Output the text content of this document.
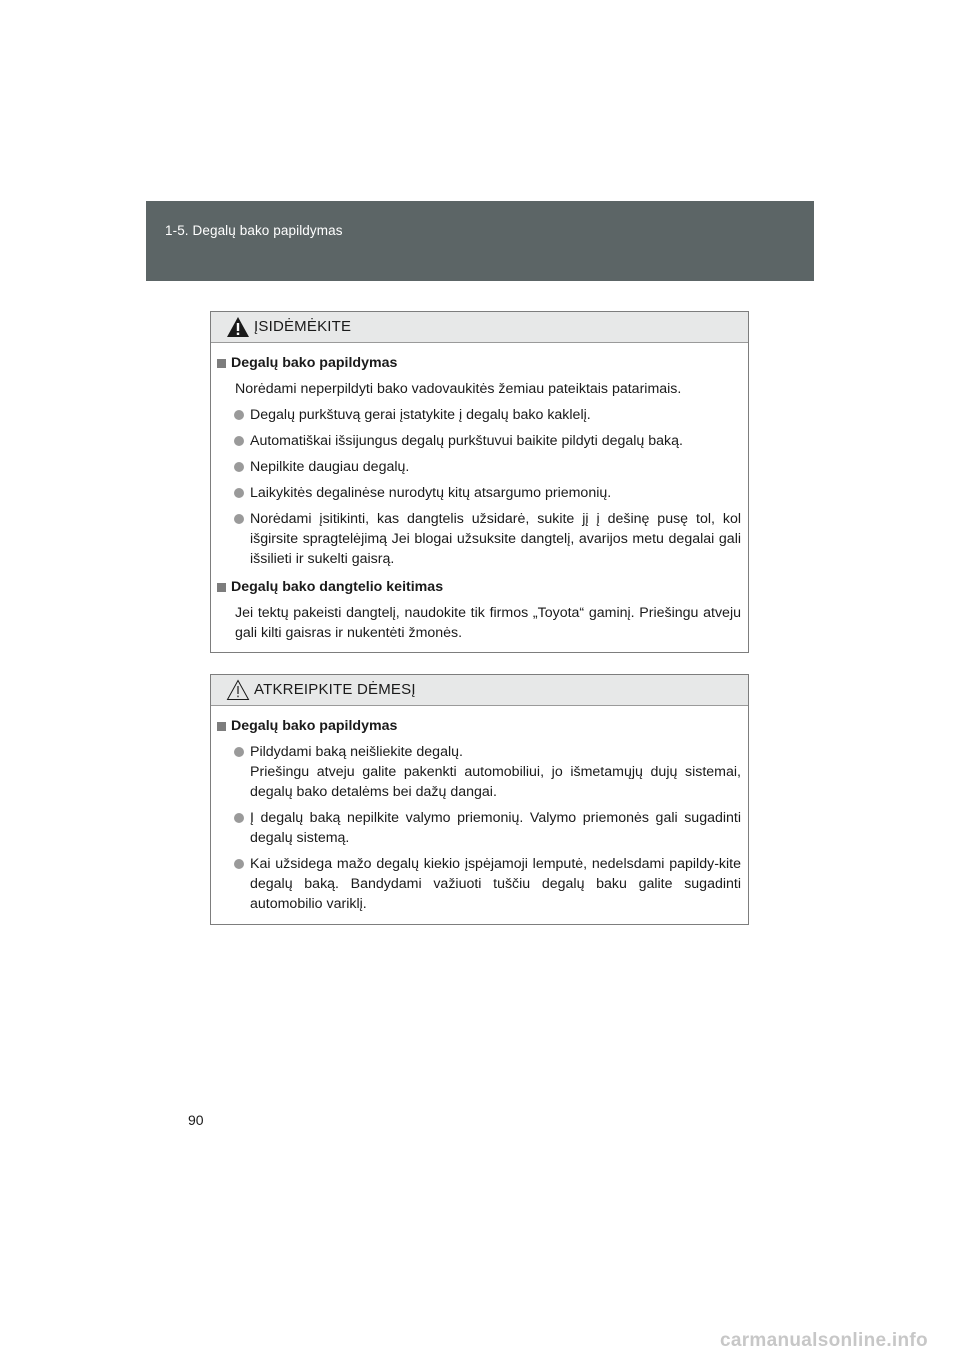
1-5. Degalų bako papildymas
ĮSIDĖMĖKITE
Degalų bako papildymas
Norėdami neperpildyti bako vadovaukitės žemiau pateiktais patarimais.
Degalų purkštuvą gerai įstatykite į degalų bako kaklelį.
Automatiškai išsijungus degalų purkštuvui baikite pildyti degalų baką.
Nepilkite daugiau degalų.
Laikykitės degalinėse nurodytų kitų atsargumo priemonių.
Norėdami įsitikinti, kas dangtelis užsidarė, sukite jį į dešinę pusę tol, kol išgirsite spragtelėjimą Jei blogai užsuksite dangtelį, avarijos metu degalai gali išsilieti ir sukelti gaisrą.
Degalų bako dangtelio keitimas
Jei tektų pakeisti dangtelį, naudokite tik firmos „Toyota“ gaminį. Priešingu atveju gali kilti gaisras ir nukentėti žmonės.
ATKREIPKITE DĖMESĮ
Degalų bako papildymas
Pildydami baką neišliekite degalų.
Priešingu atveju galite pakenkti automobiliui, jo išmetamųjų dujų sistemai, degalų bako detalėms bei dažų dangai.
Į degalų baką nepilkite valymo priemonių. Valymo priemonės gali sugadinti degalų sistemą.
Kai užsidega mažo degalų kiekio įspėjamoji lemputė, nedelsdami papildy-kite degalų baką. Bandydami važiuoti tuščiu degalų baku galite sugadinti automobilio variklį.
90
carmanualsonline.info
